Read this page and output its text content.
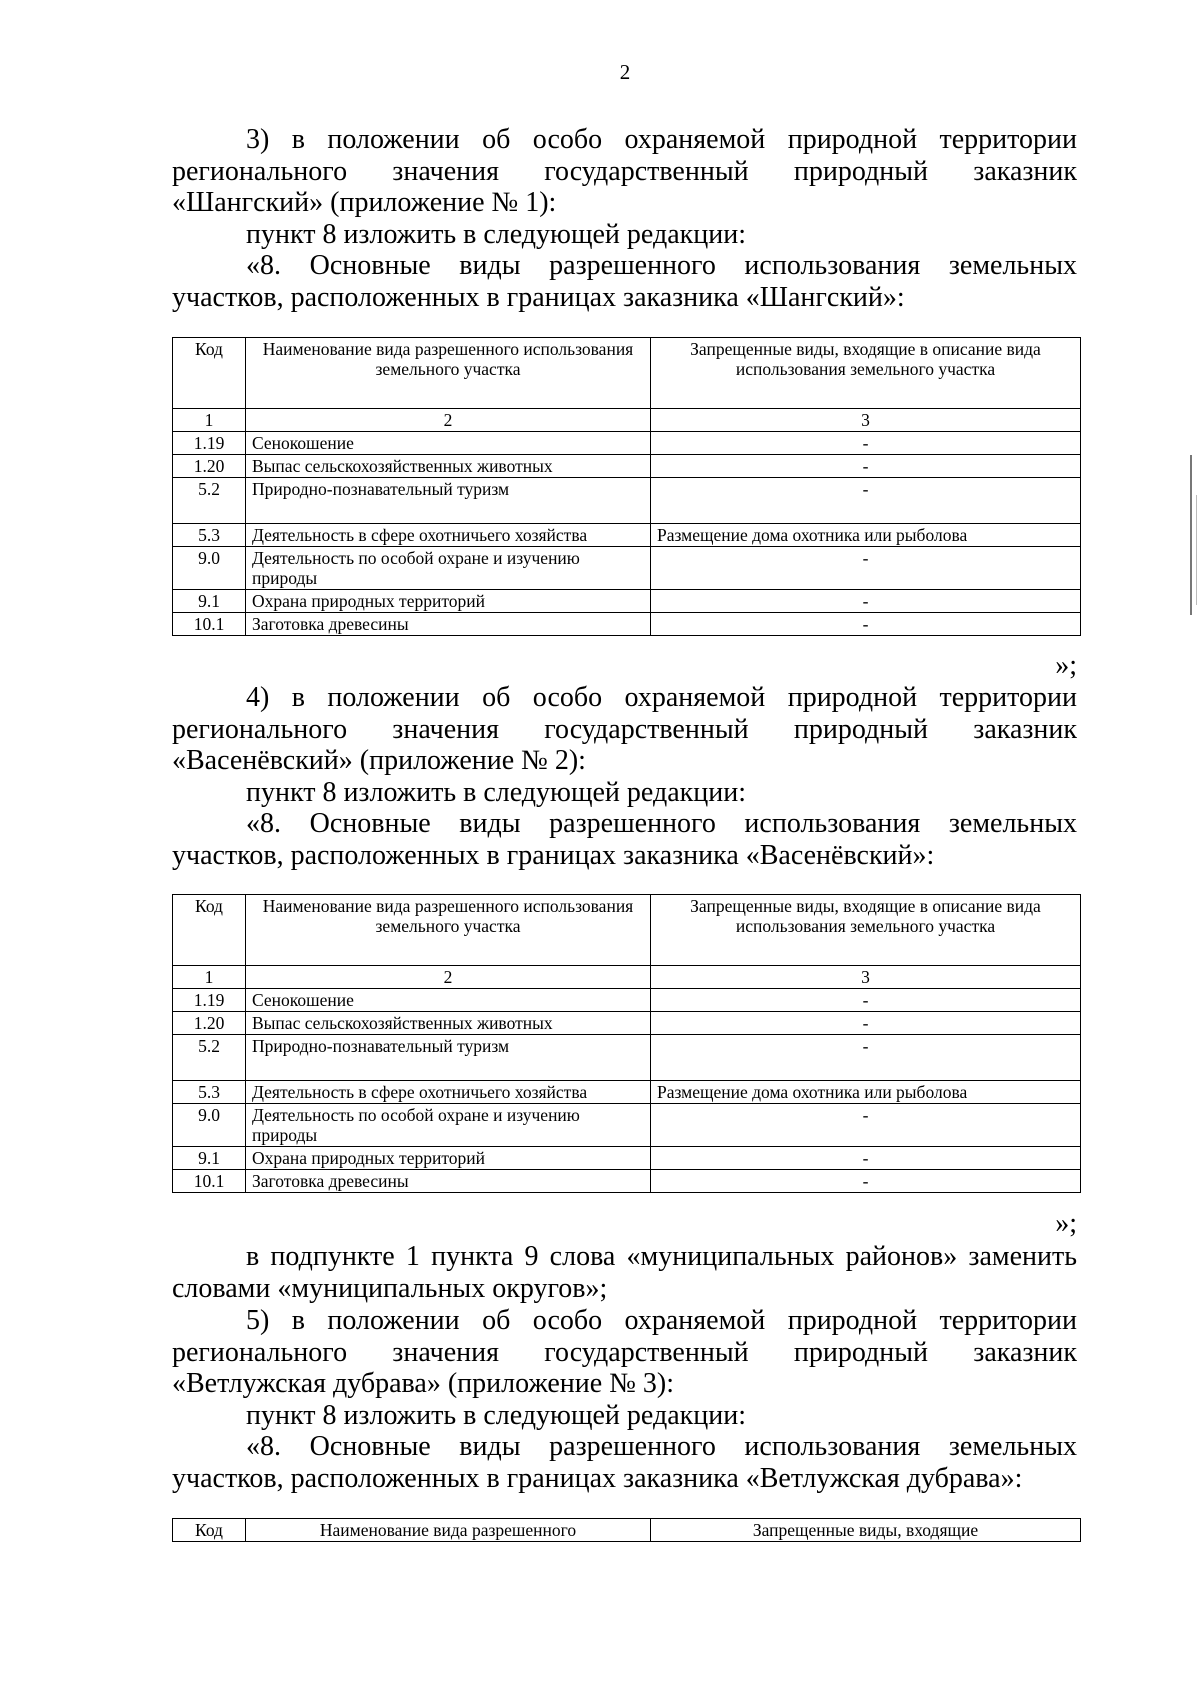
2
3) в положении об особо охраняемой природной территории
регионального значения государственный природный заказник
«Шангский» (приложение № 1):
пункт 8 изложить в следующей редакции:
«8. Основные виды разрешенного использования земельных
участков, расположенных в границах заказника «Шангский»:
Код	Наименование вида разрешенного использования земельного участка	Запрещенные виды, входящие в описание вида использования земельного участка
1	2	3
1.19	Сенокошение	-
1.20	Выпас сельскохозяйственных животных	-
5.2	Природно-познавательный туризм	-
5.3	Деятельность в сфере охотничьего хозяйства	Размещение дома охотника или рыболова
9.0	Деятельность по особой охране и изучению природы	-
9.1	Охрана природных территорий	-
10.1	Заготовка древесины	-
»;
4) в положении об особо охраняемой природной территории
регионального значения государственный природный заказник
«Васенёвский» (приложение № 2):
пункт 8 изложить в следующей редакции:
«8. Основные виды разрешенного использования земельных
участков, расположенных в границах заказника «Васенёвский»:
Код	Наименование вида разрешенного использования земельного участка	Запрещенные виды, входящие в описание вида использования земельного участка
1	2	3
1.19	Сенокошение	-
1.20	Выпас сельскохозяйственных животных	-
5.2	Природно-познавательный туризм	-
5.3	Деятельность в сфере охотничьего хозяйства	Размещение дома охотника или рыболова
9.0	Деятельность по особой охране и изучению природы	-
9.1	Охрана природных территорий	-
10.1	Заготовка древесины	-
»;
в подпункте 1 пункта 9 слова «муниципальных районов» заменить
словами «муниципальных округов»;
5) в положении об особо охраняемой природной территории
регионального значения государственный природный заказник
«Ветлужская дубрава» (приложение № 3):
пункт 8 изложить в следующей редакции:
«8. Основные виды разрешенного использования земельных
участков, расположенных в границах заказника «Ветлужская дубрава»:
Код	Наименование вида разрешенного	Запрещенные виды, входящие
